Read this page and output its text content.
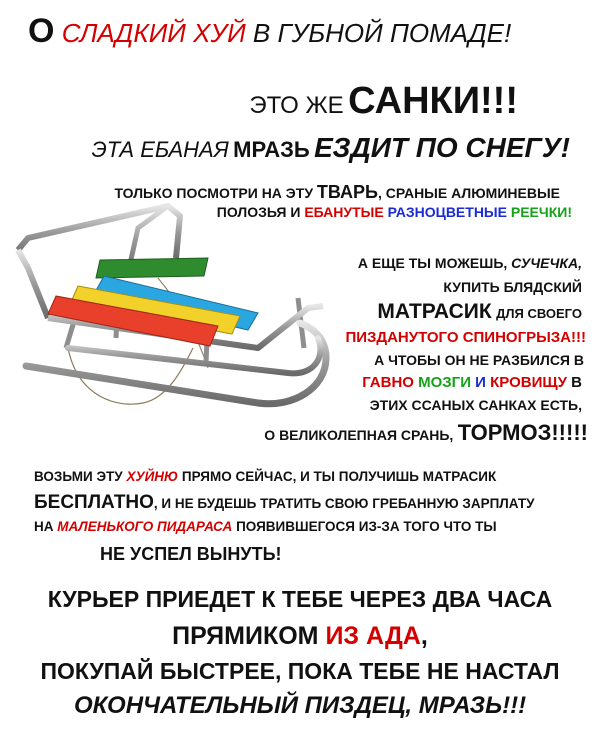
О СЛАДКИЙ ХУЙ В ГУБНОЙ ПОМАДЕ!
ЭТО ЖЕ САНКИ!!!
ЭТА ЕБАНАЯ МРАЗЬ ЕЗДИТ ПО СНЕГУ!
ТОЛЬКО ПОСМОТРИ НА ЭТУ ТВАРЬ, СРАНЫЕ АЛЮМИНЕВЫЕ
ПОЛОЗЬЯ И ЕБАНУТЫЕ РАЗНОЦВЕТНЫЕ РЕЕЧКИ!
А ЕЩЕ ТЫ МОЖЕШЬ, СУЧЕЧКА,
КУПИТЬ БЛЯДСКИЙ
МАТРАСИК ДЛЯ СВОЕГО
ПИЗДАНУТОГО СПИНОГРЫЗА!!!
А ЧТОБЫ ОН НЕ РАЗБИЛСЯ В
ГАВНО МОЗГИ И КРОВИЩУ В
ЭТИХ ССАНЫХ САНКАХ ЕСТЬ,
О ВЕЛИКОЛЕПНАЯ СРАНЬ, ТОРМОЗ!!!!!
ВОЗЬМИ ЭТУ ХУЙНЮ ПРЯМО СЕЙЧАС, И ТЫ ПОЛУЧИШЬ МАТРАСИК
БЕСПЛАТНО, И НЕ БУДЕШЬ ТРАТИТЬ СВОЮ ГРЕБАННУЮ ЗАРПЛАТУ
НА МАЛЕНЬКОГО ПИДАРАСА ПОЯВИВШЕГОСЯ ИЗ-ЗА ТОГО ЧТО ТЫ
НЕ УСПЕЛ ВЫНУТЬ!
КУРЬЕР ПРИЕДЕТ К ТЕБЕ ЧЕРЕЗ ДВА ЧАСА
ПРЯМИКОМ ИЗ АДА,
ПОКУПАЙ БЫСТРЕЕ, ПОКА ТЕБЕ НЕ НАСТАЛ
ОКОНЧАТЕЛЬНЫЙ ПИЗДЕЦ, МРАЗЬ!!!
